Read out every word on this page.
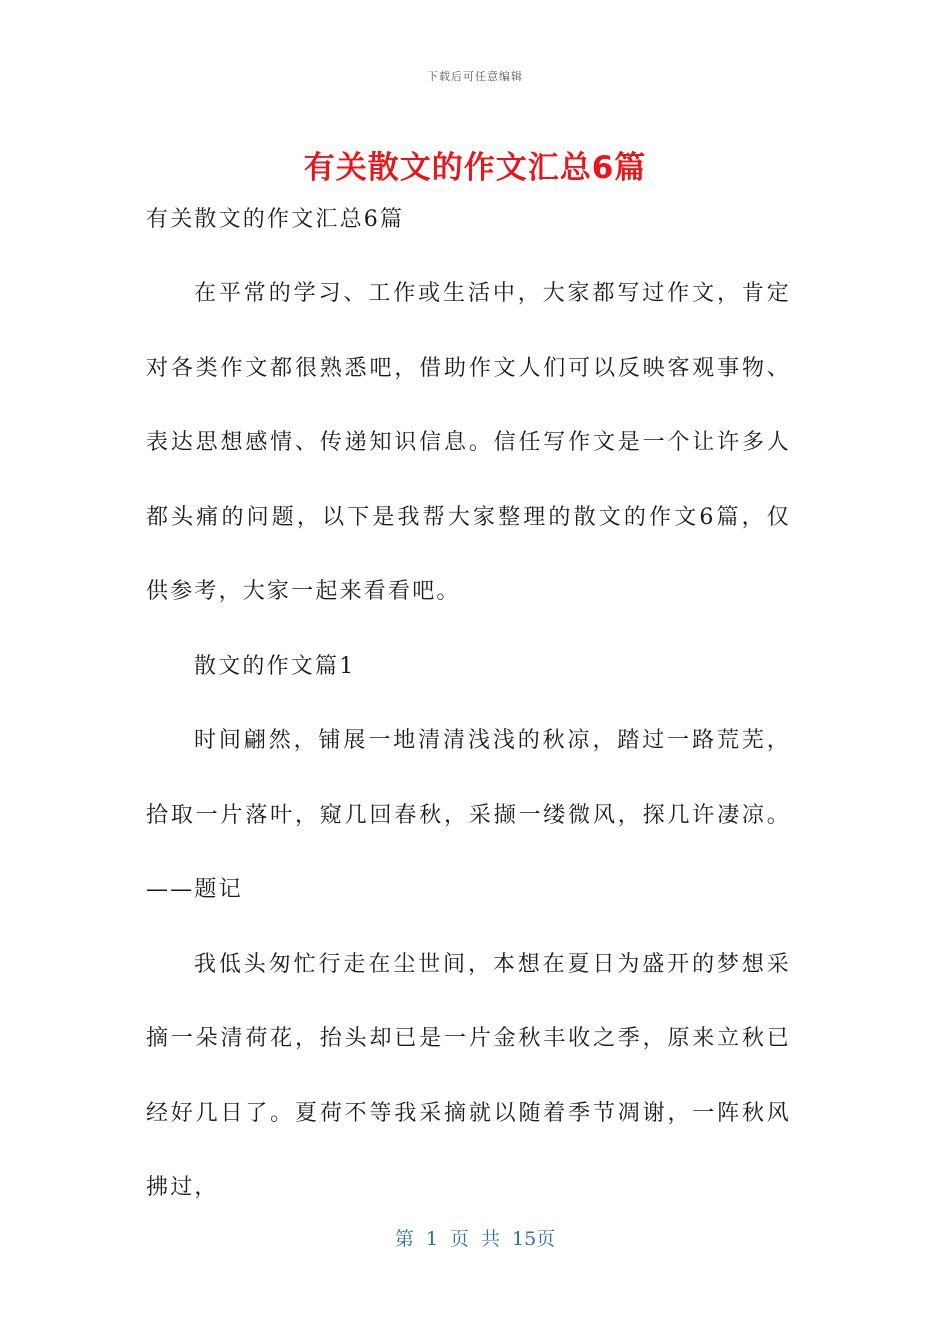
下载后可任意编辑
有关散文的作文汇总6篇

有关散文的作文汇总6篇

在平常的学习、工作或生活中，大家都写过作文，肯定对各类作文都很熟悉吧，借助作文人们可以反映客观事物、表达思想感情、传递知识信息。信任写作文是一个让许多人都头痛的问题，以下是我帮大家整理的散文的作文6篇，仅供参考，大家一起来看看吧。

散文的作文篇1

时间翩然，铺展一地清清浅浅的秋凉，踏过一路荒芜，拾取一片落叶，窥几回春秋，采撷一缕微风，探几许凄凉。——题记

我低头匆忙行走在尘世间，本想在夏日为盛开的梦想采摘一朵清荷花，抬头却已是一片金秋丰收之季，原来立秋已经好几日了。夏荷不等我采摘就以随着季节凋谢，一阵秋风拂过，

第 1 页 共 15页
